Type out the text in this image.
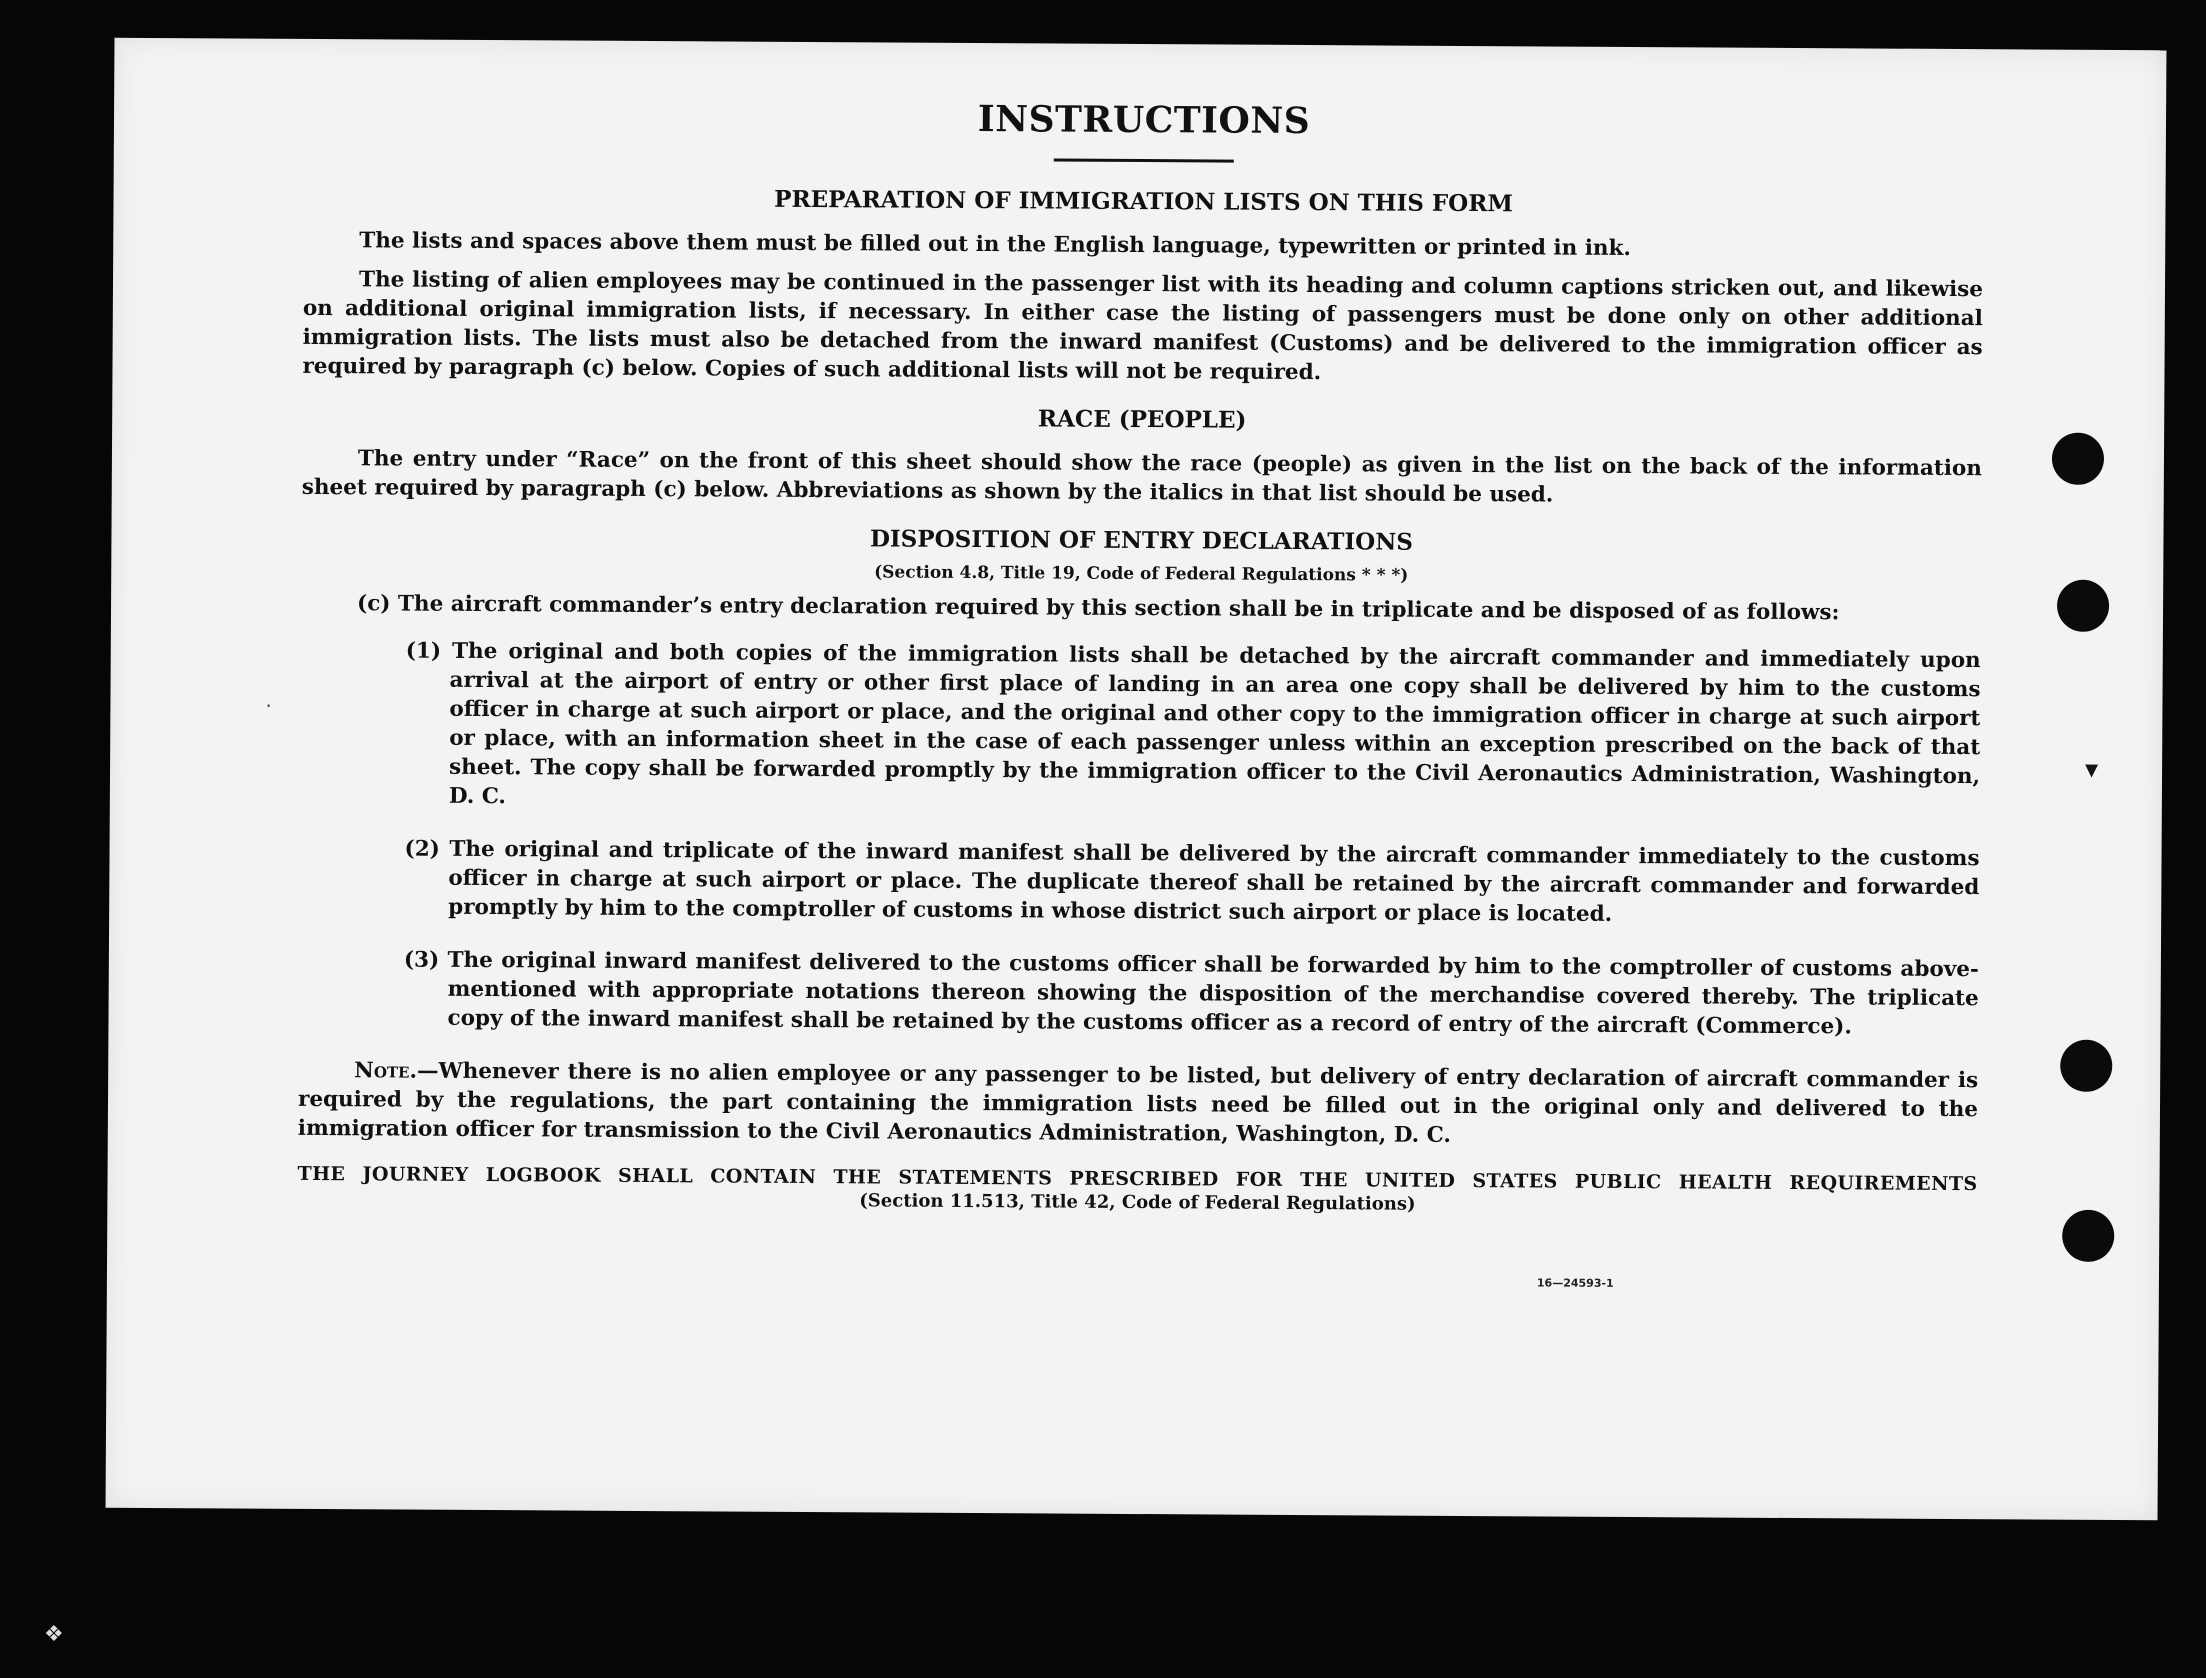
INSTRUCTIONS
PREPARATION OF IMMIGRATION LISTS ON THIS FORM

The lists and spaces above them must be filled out in the English language, typewritten or printed in ink.

The listing of alien employees may be continued in the passenger list with its heading and column captions stricken out, and likewise on additional original immigration lists, if necessary. In either case the listing of passengers must be done only on other additional immigration lists. The lists must also be detached from the inward manifest (Customs) and be delivered to the immigration officer as required by paragraph (c) below. Copies of such additional lists will not be required.

RACE (PEOPLE)

The entry under “Race” on the front of this sheet should show the race (people) as given in the list on the back of the information sheet required by paragraph (c) below. Abbreviations as shown by the italics in that list should be used.

DISPOSITION OF ENTRY DECLARATIONS
(Section 4.8, Title 19, Code of Federal Regulations * * *)

(c) The aircraft commander’s entry declaration required by this section shall be in triplicate and be disposed of as follows:

(1) The original and both copies of the immigration lists shall be detached by the aircraft commander and immediately upon arrival at the airport of entry or other first place of landing in an area one copy shall be delivered by him to the customs officer in charge at such airport or place, and the original and other copy to the immigration officer in charge at such airport or place, with an information sheet in the case of each passenger unless within an exception prescribed on the back of that sheet. The copy shall be forwarded promptly by the immigration officer to the Civil Aeronautics Administration, Washington, D. C.

(2) The original and triplicate of the inward manifest shall be delivered by the aircraft commander immediately to the customs officer in charge at such airport or place. The duplicate thereof shall be retained by the aircraft commander and forwarded promptly by him to the comptroller of customs in whose district such airport or place is located.

(3) The original inward manifest delivered to the customs officer shall be forwarded by him to the comptroller of customs above-mentioned with appropriate notations thereon showing the disposition of the merchandise covered thereby. The triplicate copy of the inward manifest shall be retained by the customs officer as a record of entry of the aircraft (Commerce).

Note.—Whenever there is no alien employee or any passenger to be listed, but delivery of entry declaration of aircraft commander is required by the regulations, the part containing the immigration lists need be filled out in the original only and delivered to the immigration officer for transmission to the Civil Aeronautics Administration, Washington, D. C.

THE JOURNEY LOGBOOK SHALL CONTAIN THE STATEMENTS PRESCRIBED FOR THE UNITED STATES PUBLIC HEALTH REQUIREMENTS
(Section 11.513, Title 42, Code of Federal Regulations)
16—24593-1
▾
·
❖
